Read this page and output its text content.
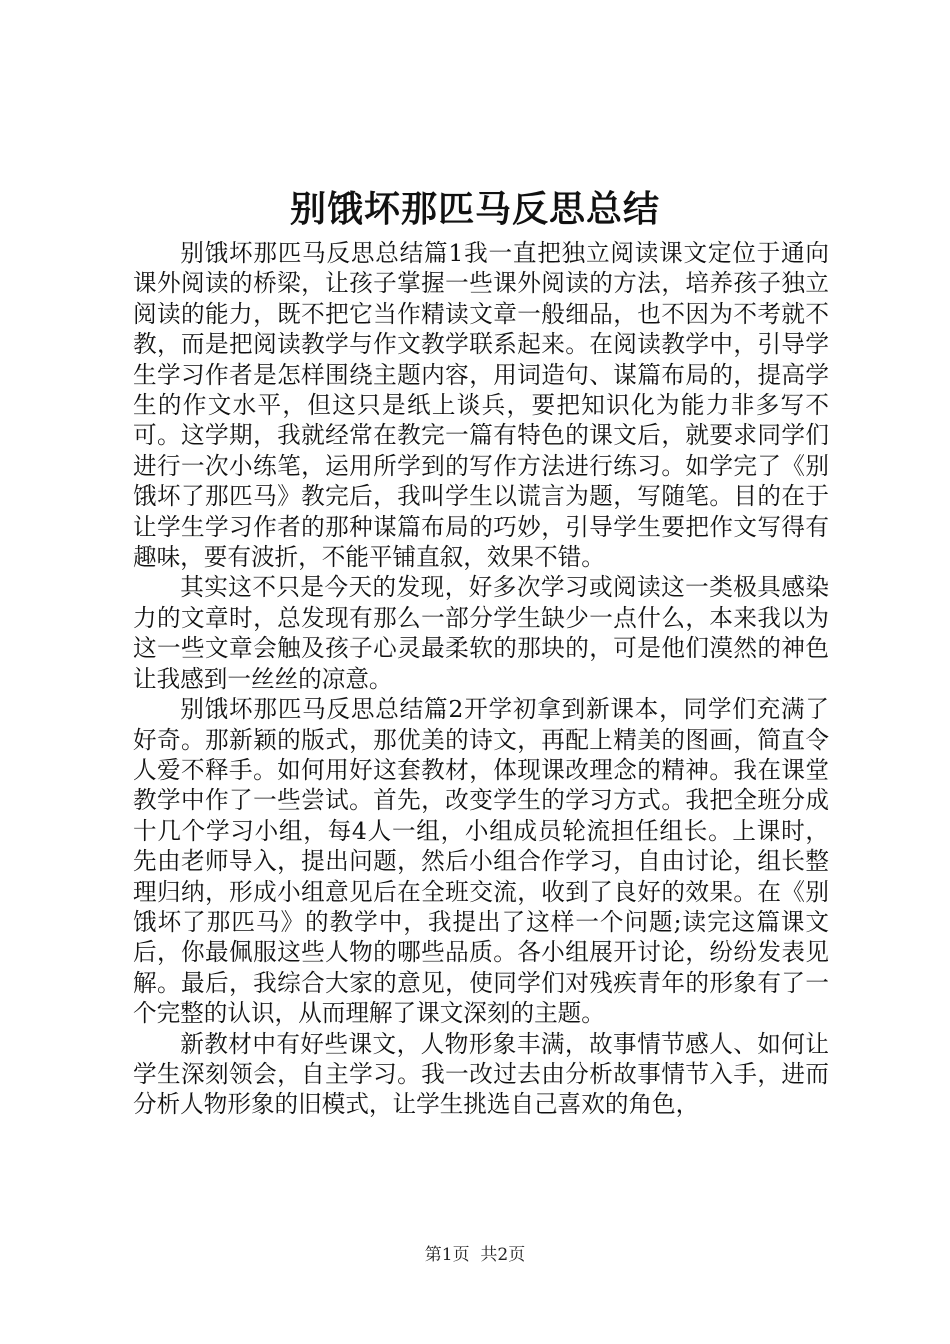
别饿坏那匹马反思总结

别饿坏那匹马反思总结篇1我一直把独立阅读课文定位于通向课外阅读的桥梁，让孩子掌握一些课外阅读的方法，培养孩子独立阅读的能力，既不把它当作精读文章一般细品，也不因为不考就不教，而是把阅读教学与作文教学联系起来。在阅读教学中，引导学生学习作者是怎样围绕主题内容，用词造句、谋篇布局的，提高学生的作文水平，但这只是纸上谈兵，要把知识化为能力非多写不可。这学期，我就经常在教完一篇有特色的课文后，就要求同学们进行一次小练笔，运用所学到的写作方法进行练习。如学完了《别饿坏了那匹马》教完后，我叫学生以谎言为题，写随笔。目的在于让学生学习作者的那种谋篇布局的巧妙，引导学生要把作文写得有趣味，要有波折，不能平铺直叙，效果不错。

其实这不只是今天的发现，好多次学习或阅读这一类极具感染力的文章时，总发现有那么一部分学生缺少一点什么，本来我以为这一些文章会触及孩子心灵最柔软的那块的，可是他们漠然的神色让我感到一丝丝的凉意。

别饿坏那匹马反思总结篇2开学初拿到新课本，同学们充满了好奇。那新颖的版式，那优美的诗文，再配上精美的图画，简直令人爱不释手。如何用好这套教材，体现课改理念的精神。我在课堂教学中作了一些尝试。首先，改变学生的学习方式。我把全班分成十几个学习小组，每4人一组，小组成员轮流担任组长。上课时，先由老师导入，提出问题，然后小组合作学习，自由讨论，组长整理归纳，形成小组意见后在全班交流，收到了良好的效果。在《别饿坏了那匹马》的教学中，我提出了这样一个问题;读完这篇课文后，你最佩服这些人物的哪些品质。各小组展开讨论，纷纷发表见解。最后，我综合大家的意见，使同学们对残疾青年的形象有了一个完整的认识，从而理解了课文深刻的主题。

新教材中有好些课文，人物形象丰满，故事情节感人、如何让学生深刻领会，自主学习。我一改过去由分析故事情节入手，进而分析人物形象的旧模式，让学生挑选自己喜欢的角色，

第1页 共2页
